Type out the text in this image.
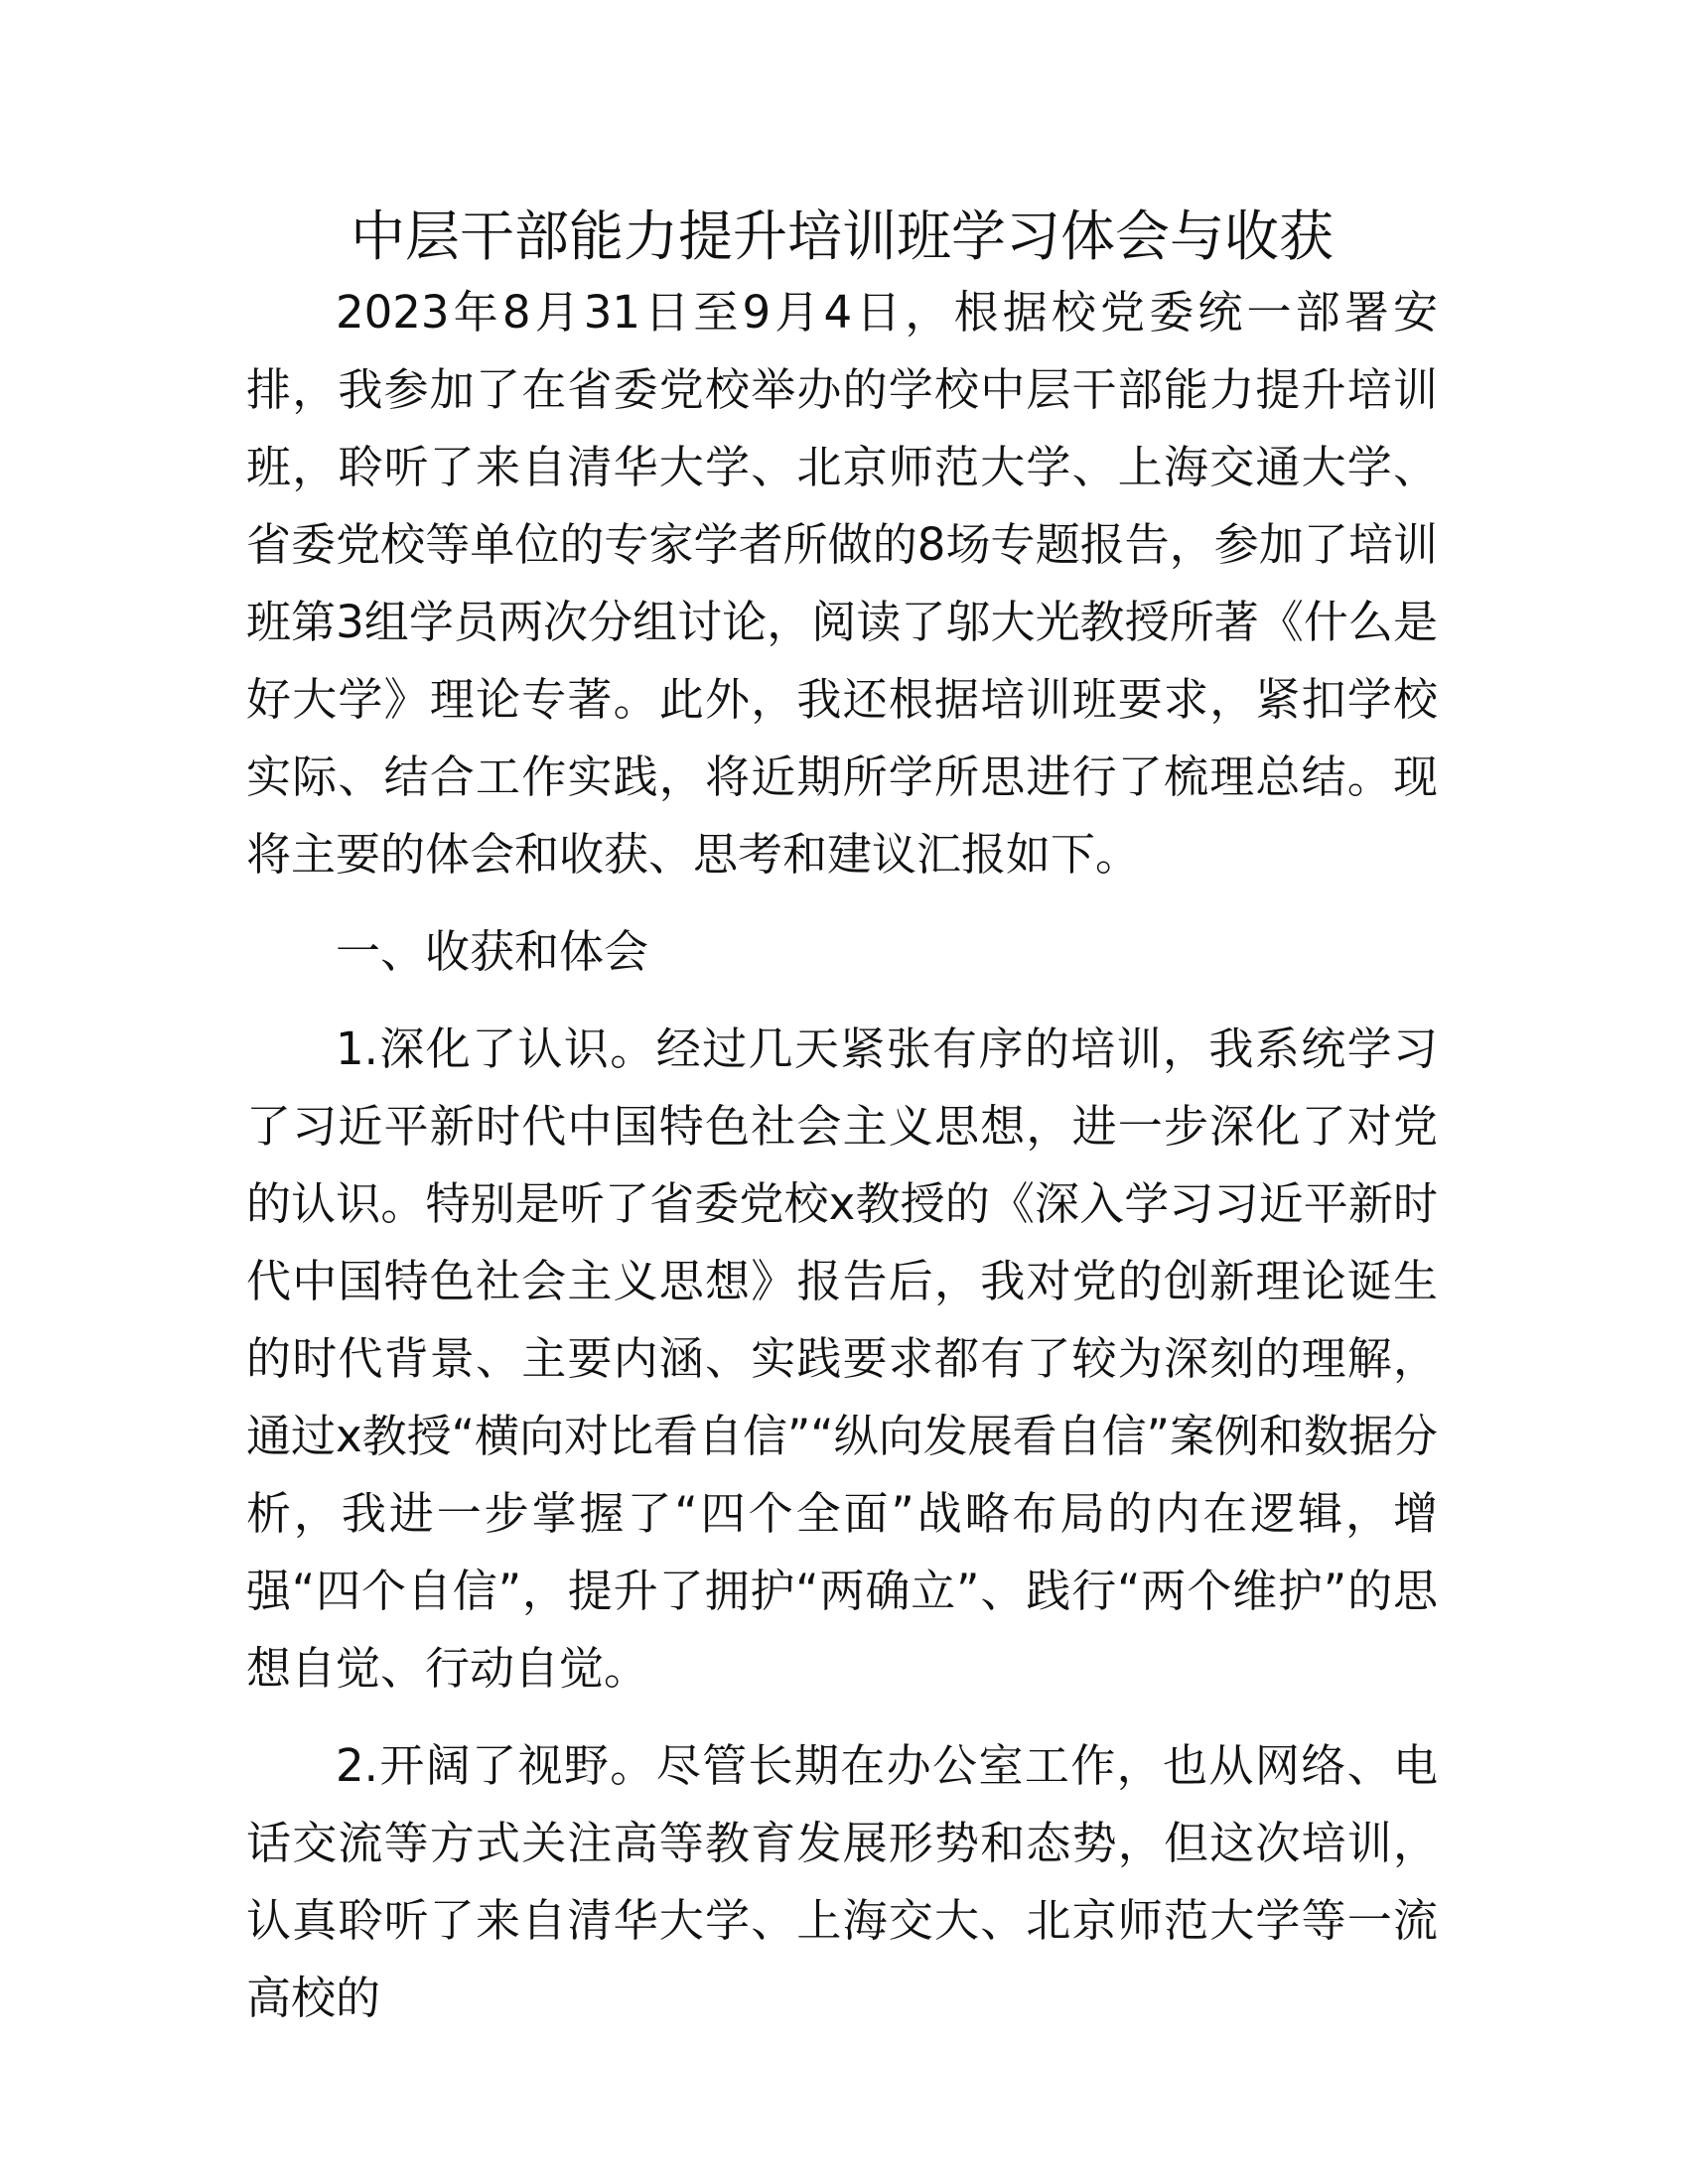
中层干部能力提升培训班学习体会与收获

2023年8月31日至9月4日，根据校党委统一部署安排，我参加了在省委党校举办的学校中层干部能力提升培训班，聆听了来自清华大学、北京师范大学、上海交通大学、省委党校等单位的专家学者所做的8场专题报告，参加了培训班第3组学员两次分组讨论，阅读了邬大光教授所著《什么是好大学》理论专著。此外，我还根据培训班要求，紧扣学校实际、结合工作实践，将近期所学所思进行了梳理总结。现将主要的体会和收获、思考和建议汇报如下。

一、收获和体会

1.深化了认识。经过几天紧张有序的培训，我系统学习了习近平新时代中国特色社会主义思想，进一步深化了对党的认识。特别是听了省委党校x教授的《深入学习习近平新时代中国特色社会主义思想》报告后，我对党的创新理论诞生的时代背景、主要内涵、实践要求都有了较为深刻的理解，通过x教授“横向对比看自信”“纵向发展看自信”案例和数据分析，我进一步掌握了“四个全面”战略布局的内在逻辑，增强“四个自信”，提升了拥护“两确立”、践行“两个维护”的思想自觉、行动自觉。

2.开阔了视野。尽管长期在办公室工作，也从网络、电话交流等方式关注高等教育发展形势和态势，但这次培训，认真聆听了来自清华大学、上海交大、北京师范大学等一流高校的
